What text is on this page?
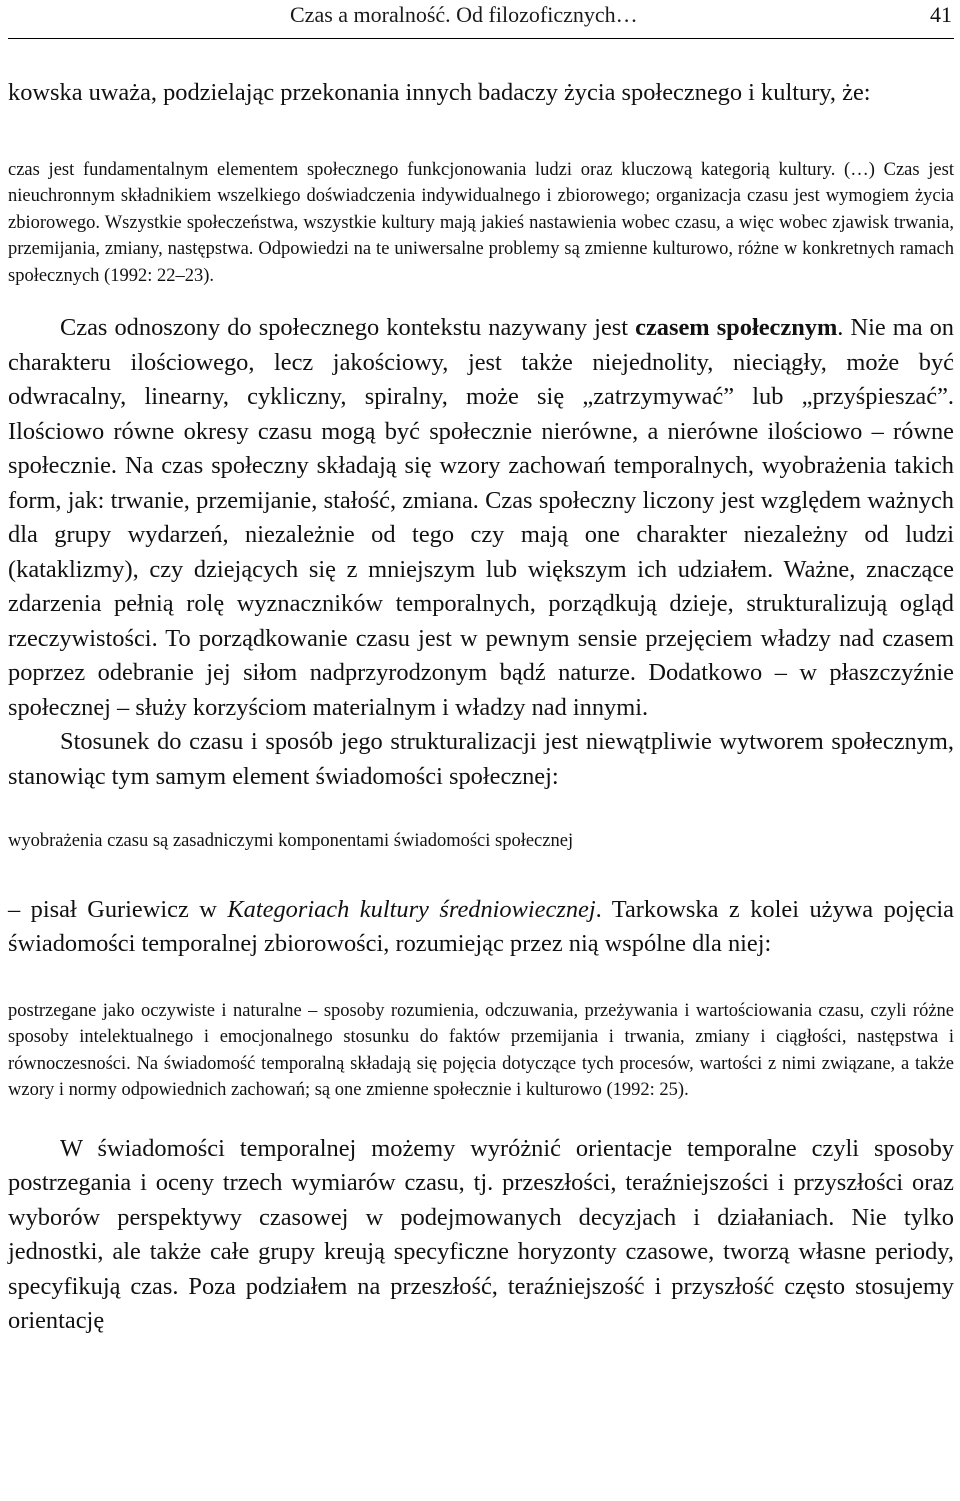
Czas a moralność. Od filozoficznych…	41

kowska uważa, podzielając przekonania innych badaczy życia społecznego i kultury, że:

czas jest fundamentalnym elementem społecznego funkcjonowania ludzi oraz kluczową kategorią kultury. (…) Czas jest nieuchronnym składnikiem wszelkiego doświadczenia indywidualnego i zbiorowego; organizacja czasu jest wymogiem życia zbiorowego. Wszystkie społeczeństwa, wszystkie kultury mają jakieś nastawienia wobec czasu, a więc wobec zjawisk trwania, przemijania, zmiany, następstwa. Odpowiedzi na te uniwersalne problemy są zmienne kulturowo, różne w konkretnych ramach społecznych (1992: 22–23).

Czas odnoszony do społecznego kontekstu nazywany jest czasem społecznym. Nie ma on charakteru ilościowego, lecz jakościowy, jest także niejednolity, nieciągły, może być odwracalny, linearny, cykliczny, spiralny, może się „zatrzymywać” lub „przyśpieszać”. Ilościowo równe okresy czasu mogą być społecznie nierówne, a nierówne ilościowo – równe społecznie. Na czas społeczny składają się wzory zachowań temporalnych, wyobrażenia takich form, jak: trwanie, przemijanie, stałość, zmiana. Czas społeczny liczony jest względem ważnych dla grupy wydarzeń, niezależnie od tego czy mają one charakter niezależny od ludzi (kataklizmy), czy dziejących się z mniejszym lub większym ich udziałem. Ważne, znaczące zdarzenia pełnią rolę wyznaczników temporalnych, porządkują dzieje, strukturalizują ogląd rzeczywistości. To porządkowanie czasu jest w pewnym sensie przejęciem władzy nad czasem poprzez odebranie jej siłom nadprzyrodzonym bądź naturze. Dodatkowo – w płaszczyźnie społecznej – służy korzyściom materialnym i władzy nad innymi.

Stosunek do czasu i sposób jego strukturalizacji jest niewątpliwie wytworem społecznym, stanowiąc tym samym element świadomości społecznej:

wyobrażenia czasu są zasadniczymi komponentami świadomości społecznej

– pisał Guriewicz w Kategoriach kultury średniowiecznej. Tarkowska z kolei używa pojęcia świadomości temporalnej zbiorowości, rozumiejąc przez nią wspólne dla niej:

postrzegane jako oczywiste i naturalne – sposoby rozumienia, odczuwania, przeżywania i wartościowania czasu, czyli różne sposoby intelektualnego i emocjonalnego stosunku do faktów przemijania i trwania, zmiany i ciągłości, następstwa i równoczesności. Na świadomość temporalną składają się pojęcia dotyczące tych procesów, wartości z nimi związane, a także wzory i normy odpowiednich zachowań; są one zmienne społecznie i kulturowo (1992: 25).

W świadomości temporalnej możemy wyróżnić orientacje temporalne czyli sposoby postrzegania i oceny trzech wymiarów czasu, tj. przeszłości, teraźniejszości i przyszłości oraz wyborów perspektywy czasowej w podejmowanych decyzjach i działaniach. Nie tylko jednostki, ale także całe grupy kreują specyficzne horyzonty czasowe, tworzą własne periody, specyfikują czas. Poza podziałem na przeszłość, teraźniejszość i przyszłość często stosujemy orientację
